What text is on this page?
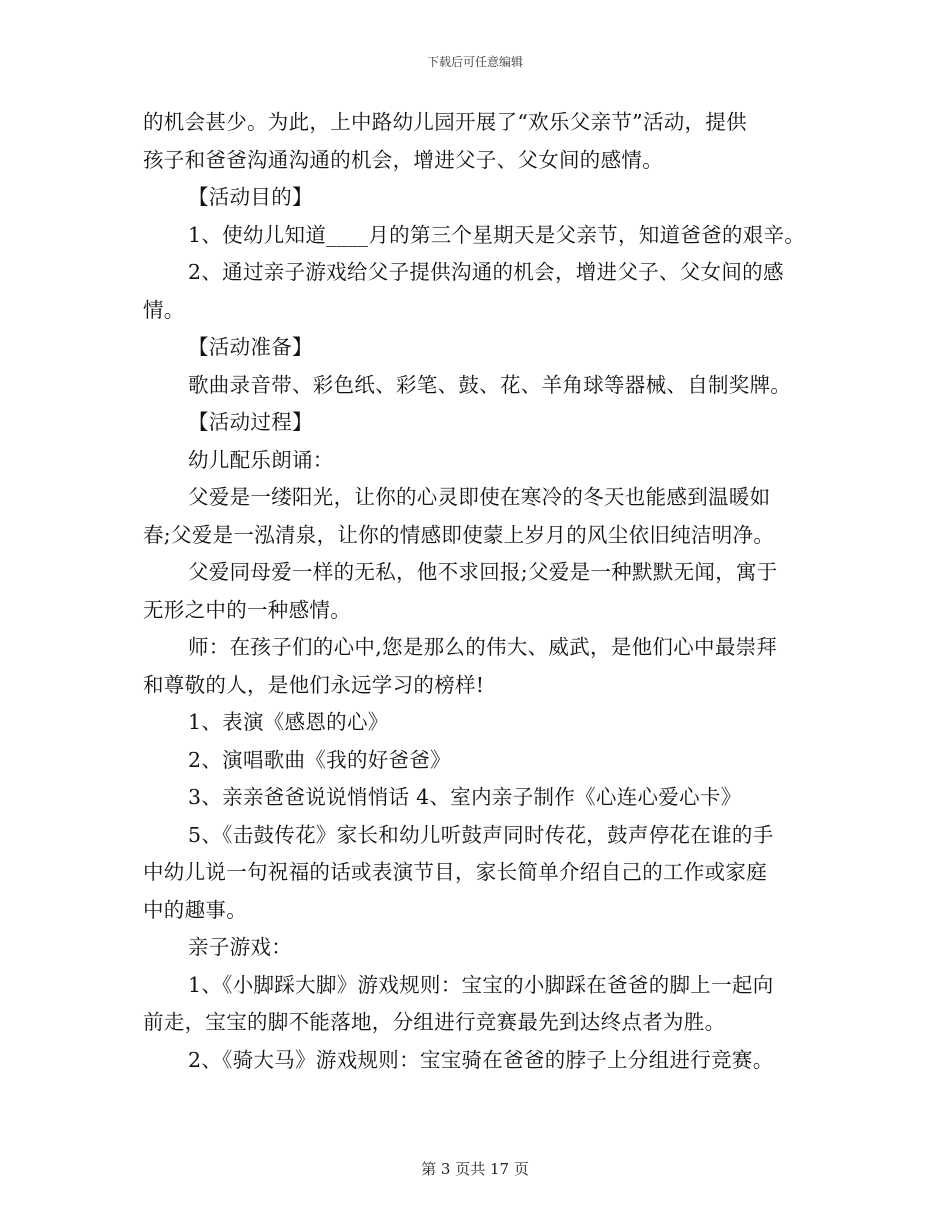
下载后可任意编辑
的机会甚少。为此，上中路幼儿园开展了“欢乐父亲节”活动，提供
孩子和爸爸沟通沟通的机会，增进父子、父女间的感情。
【活动目的】
1、使幼儿知道____月的第三个星期天是父亲节，知道爸爸的艰辛。
2、通过亲子游戏给父子提供沟通的机会，增进父子、父女间的感
情。
【活动准备】
歌曲录音带、彩色纸、彩笔、鼓、花、羊角球等器械、自制奖牌。
【活动过程】
幼儿配乐朗诵：
父爱是一缕阳光，让你的心灵即使在寒冷的冬天也能感到温暖如
春;父爱是一泓清泉，让你的情感即使蒙上岁月的风尘依旧纯洁明净。
父爱同母爱一样的无私，他不求回报;父爱是一种默默无闻，寓于
无形之中的一种感情。
师：在孩子们的心中,您是那么的伟大、威武，是他们心中最崇拜
和尊敬的人，是他们永远学习的榜样!
1、表演《感恩的心》
2、演唱歌曲《我的好爸爸》
3、亲亲爸爸说说悄悄话 4、室内亲子制作《心连心爱心卡》
5、《击鼓传花》家长和幼儿听鼓声同时传花，鼓声停花在谁的手
中幼儿说一句祝福的话或表演节目，家长简单介绍自己的工作或家庭
中的趣事。
亲子游戏：
1、《小脚踩大脚》游戏规则：宝宝的小脚踩在爸爸的脚上一起向
前走，宝宝的脚不能落地，分组进行竞赛最先到达终点者为胜。
2、《骑大马》游戏规则：宝宝骑在爸爸的脖子上分组进行竞赛。
第 3 页共 17 页
